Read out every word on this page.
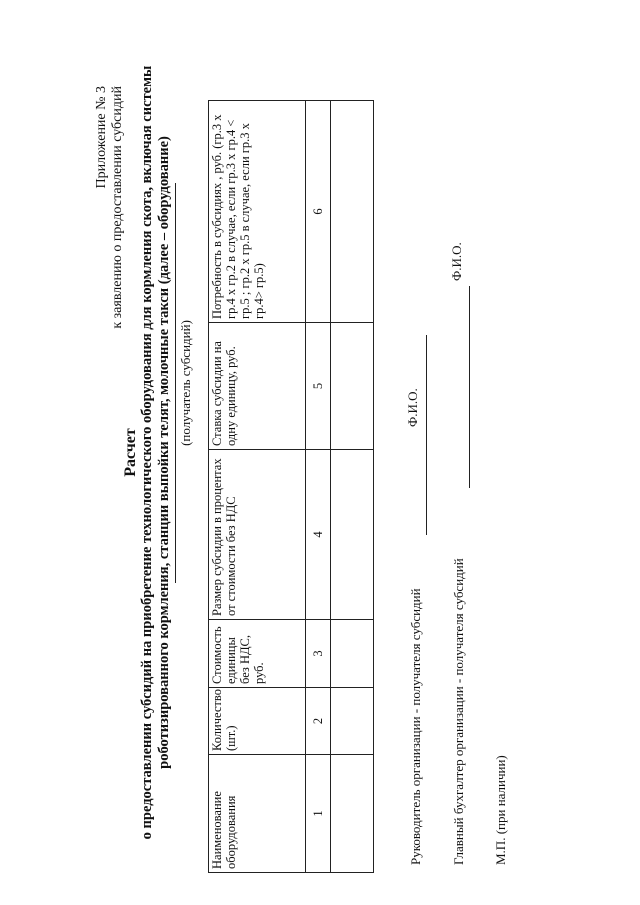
Приложение № 3 к заявлению о предоставлении субсидий
Расчет о предоставлении субсидий на приобретение технологического оборудования для кормления скота, включая системы роботизированного кормления, станции выпойки телят, молочные такси (далее – оборудование) (получатель субсидий)
Наименование оборудования	Количество (шт.)	Стоимость единицы без НДС, руб.	Размер субсидии в процентах от стоимости без НДС	Ставка субсидии на одну единицу, руб.	Потребность в субсидиях , руб. (гр.3 х гр.4 х гр.2 в случае, если гр.3 х гр.4 < гр.5 ; гр.2 х гр.5 в случае, если гр.3 х гр.4> гр.5)
1	2	3	4	5	6

Руководитель организации - получателя субсидий
Ф.И.О.
Главный бухгалтер организации - получателя субсидий
Ф.И.О.
М.П. (при наличии)
